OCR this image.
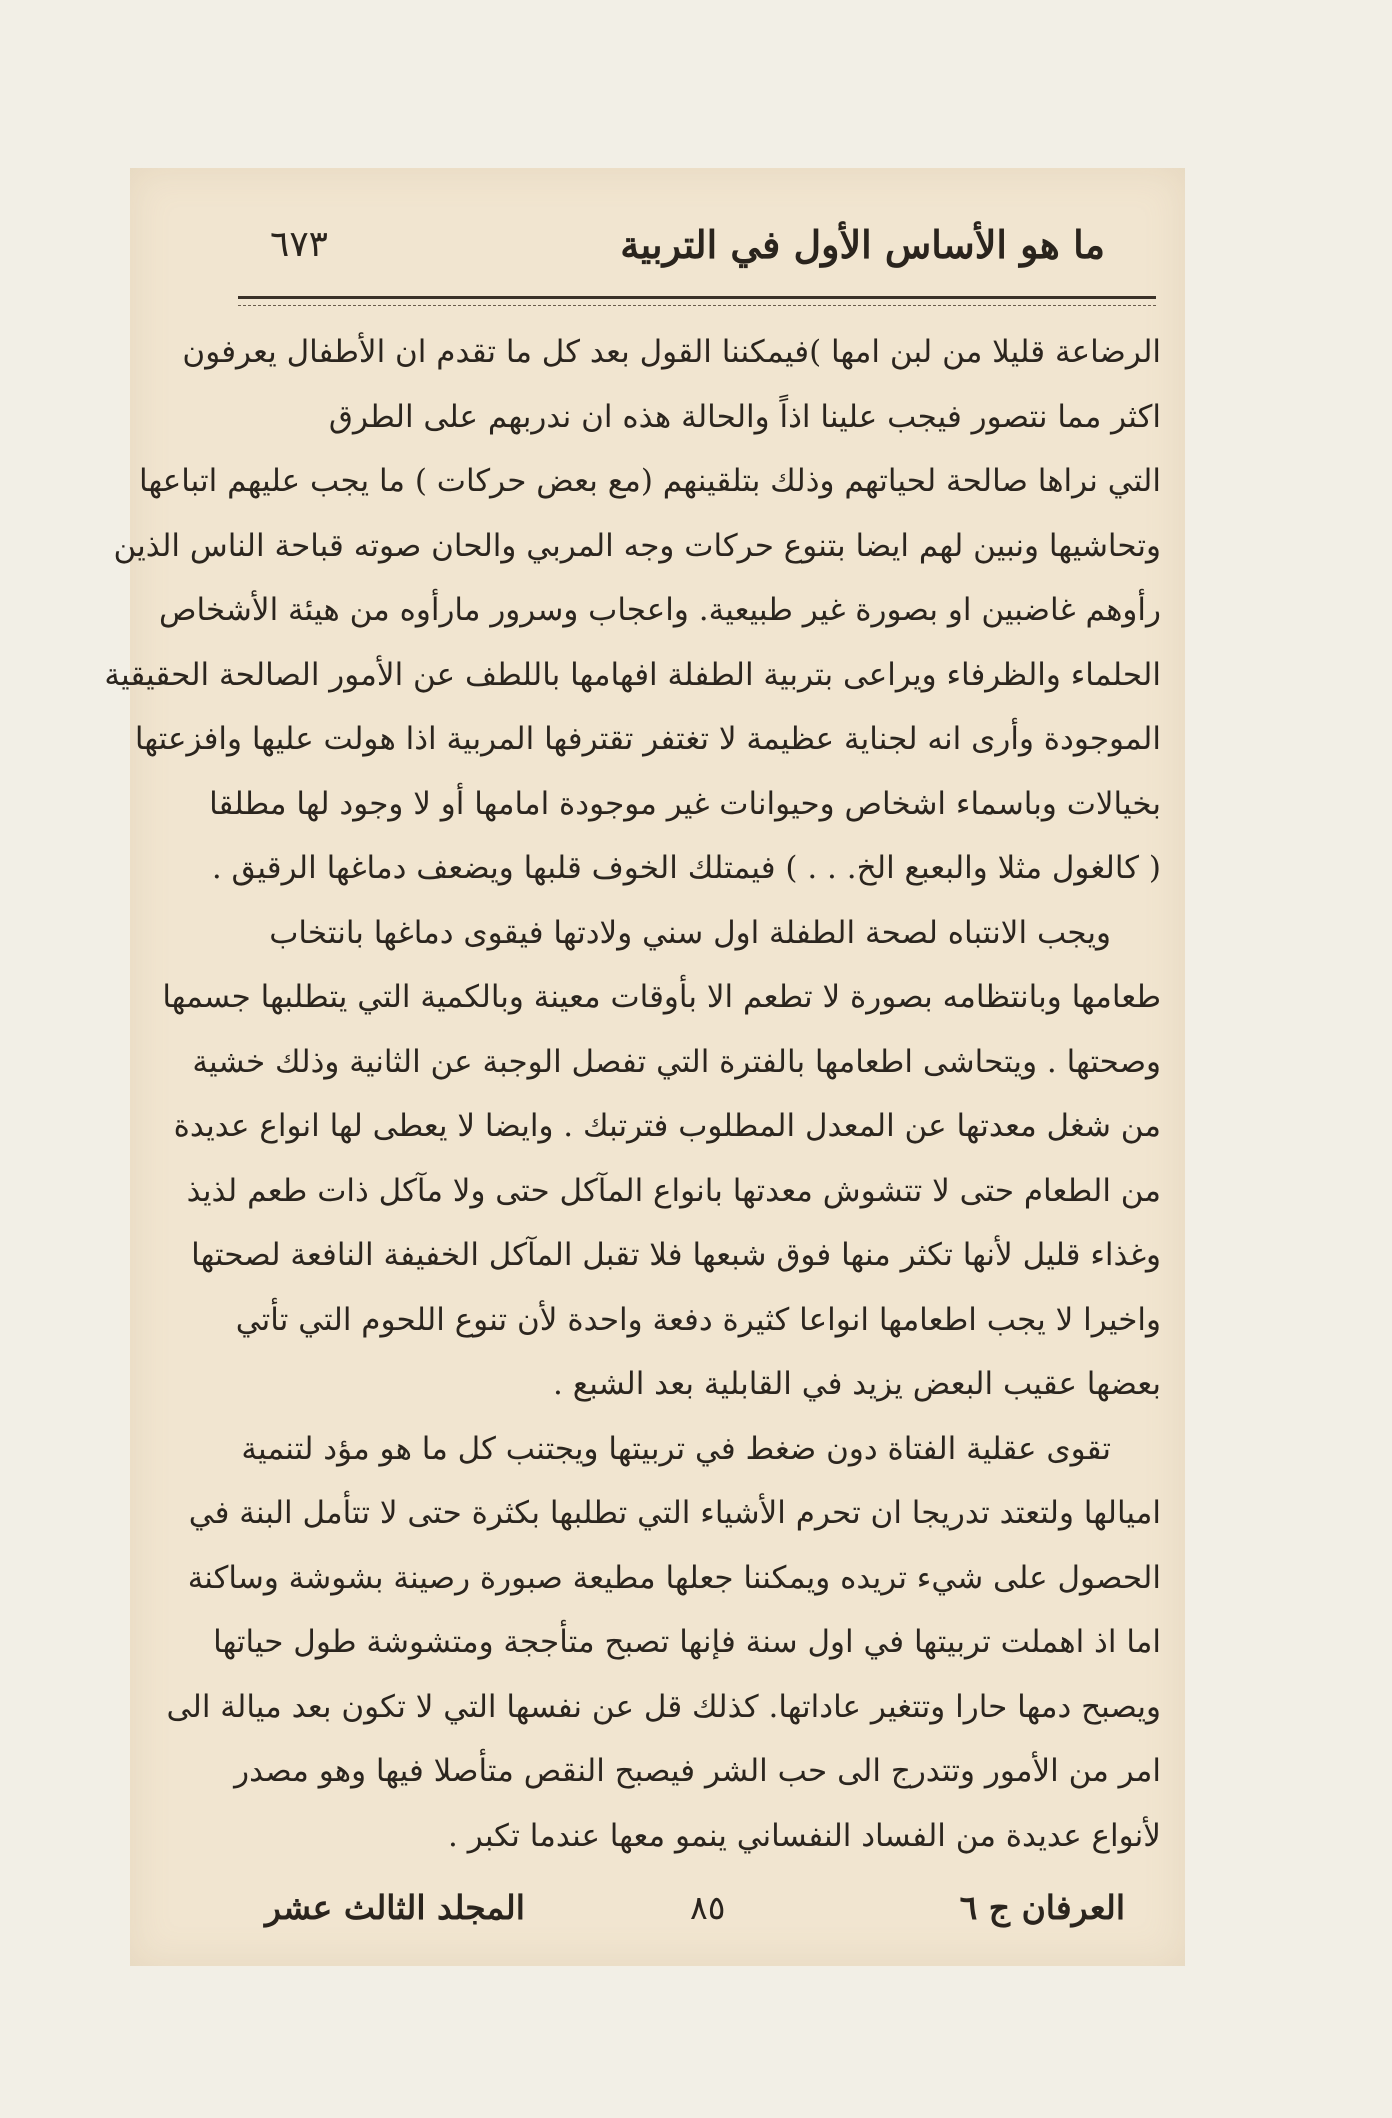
ما هو الأساس الأول في التربية
٦٧٣
الرضاعة قليلا من لبن امها )فيمكننا القول بعد كل ما تقدم ان الأطفال يعرفون
اكثر مما نتصور فيجب علينا اذاً والحالة هذه ان ندربهم على الطرق
التي نراها صالحة لحياتهم وذلك بتلقينهم (مع بعض حركات ) ما يجب عليهم اتباعها
وتحاشيها ونبين لهم ايضا بتنوع حركات وجه المربي والحان صوته قباحة الناس الذين
رأوهم غاضبين او بصورة غير طبيعية. واعجاب وسرور مارأوه من هيئة الأشخاص
الحلماء والظرفاء ويراعى بتربية الطفلة افهامها باللطف عن الأمور الصالحة الحقيقية
الموجودة وأرى انه لجناية عظيمة لا تغتفر تقترفها المربية اذا هولت عليها وافزعتها
بخيالات وباسماء اشخاص وحيوانات غير موجودة امامها أو لا وجود لها مطلقا
( كالغول مثلا والبعبع الخ. . . ) فيمتلك الخوف قلبها ويضعف دماغها الرقيق .
ويجب الانتباه لصحة الطفلة اول سني ولادتها فيقوى دماغها بانتخاب
طعامها وبانتظامه بصورة لا تطعم الا بأوقات معينة وبالكمية التي يتطلبها جسمها
وصحتها . ويتحاشى اطعامها بالفترة التي تفصل الوجبة عن الثانية وذلك خشية
من شغل معدتها عن المعدل المطلوب فترتبك . وايضا لا يعطى لها انواع عديدة
من الطعام حتى لا تتشوش معدتها بانواع المآكل حتى ولا مآكل ذات طعم لذيذ
وغذاء قليل لأنها تكثر منها فوق شبعها فلا تقبل المآكل الخفيفة النافعة لصحتها
واخيرا لا يجب اطعامها انواعا كثيرة دفعة واحدة لأن تنوع اللحوم التي تأتي
بعضها عقيب البعض يزيد في القابلية بعد الشبع .
تقوى عقلية الفتاة دون ضغط في تربيتها ويجتنب كل ما هو مؤد لتنمية
اميالها ولتعتد تدريجا ان تحرم الأشياء التي تطلبها بكثرة حتى لا تتأمل البنة في
الحصول على شيء تريده ويمكننا جعلها مطيعة صبورة رصينة بشوشة وساكنة
اما اذ اهملت تربيتها في اول سنة فإنها تصبح متأججة ومتشوشة طول حياتها
ويصبح دمها حارا وتتغير عاداتها. كذلك قل عن نفسها التي لا تكون بعد ميالة الى
امر من الأمور وتتدرج الى حب الشر فيصبح النقص متأصلا فيها وهو مصدر
لأنواع عديدة من الفساد النفساني ينمو معها عندما تكبر .
العرفان ج ٦
٨٥
المجلد الثالث عشر
